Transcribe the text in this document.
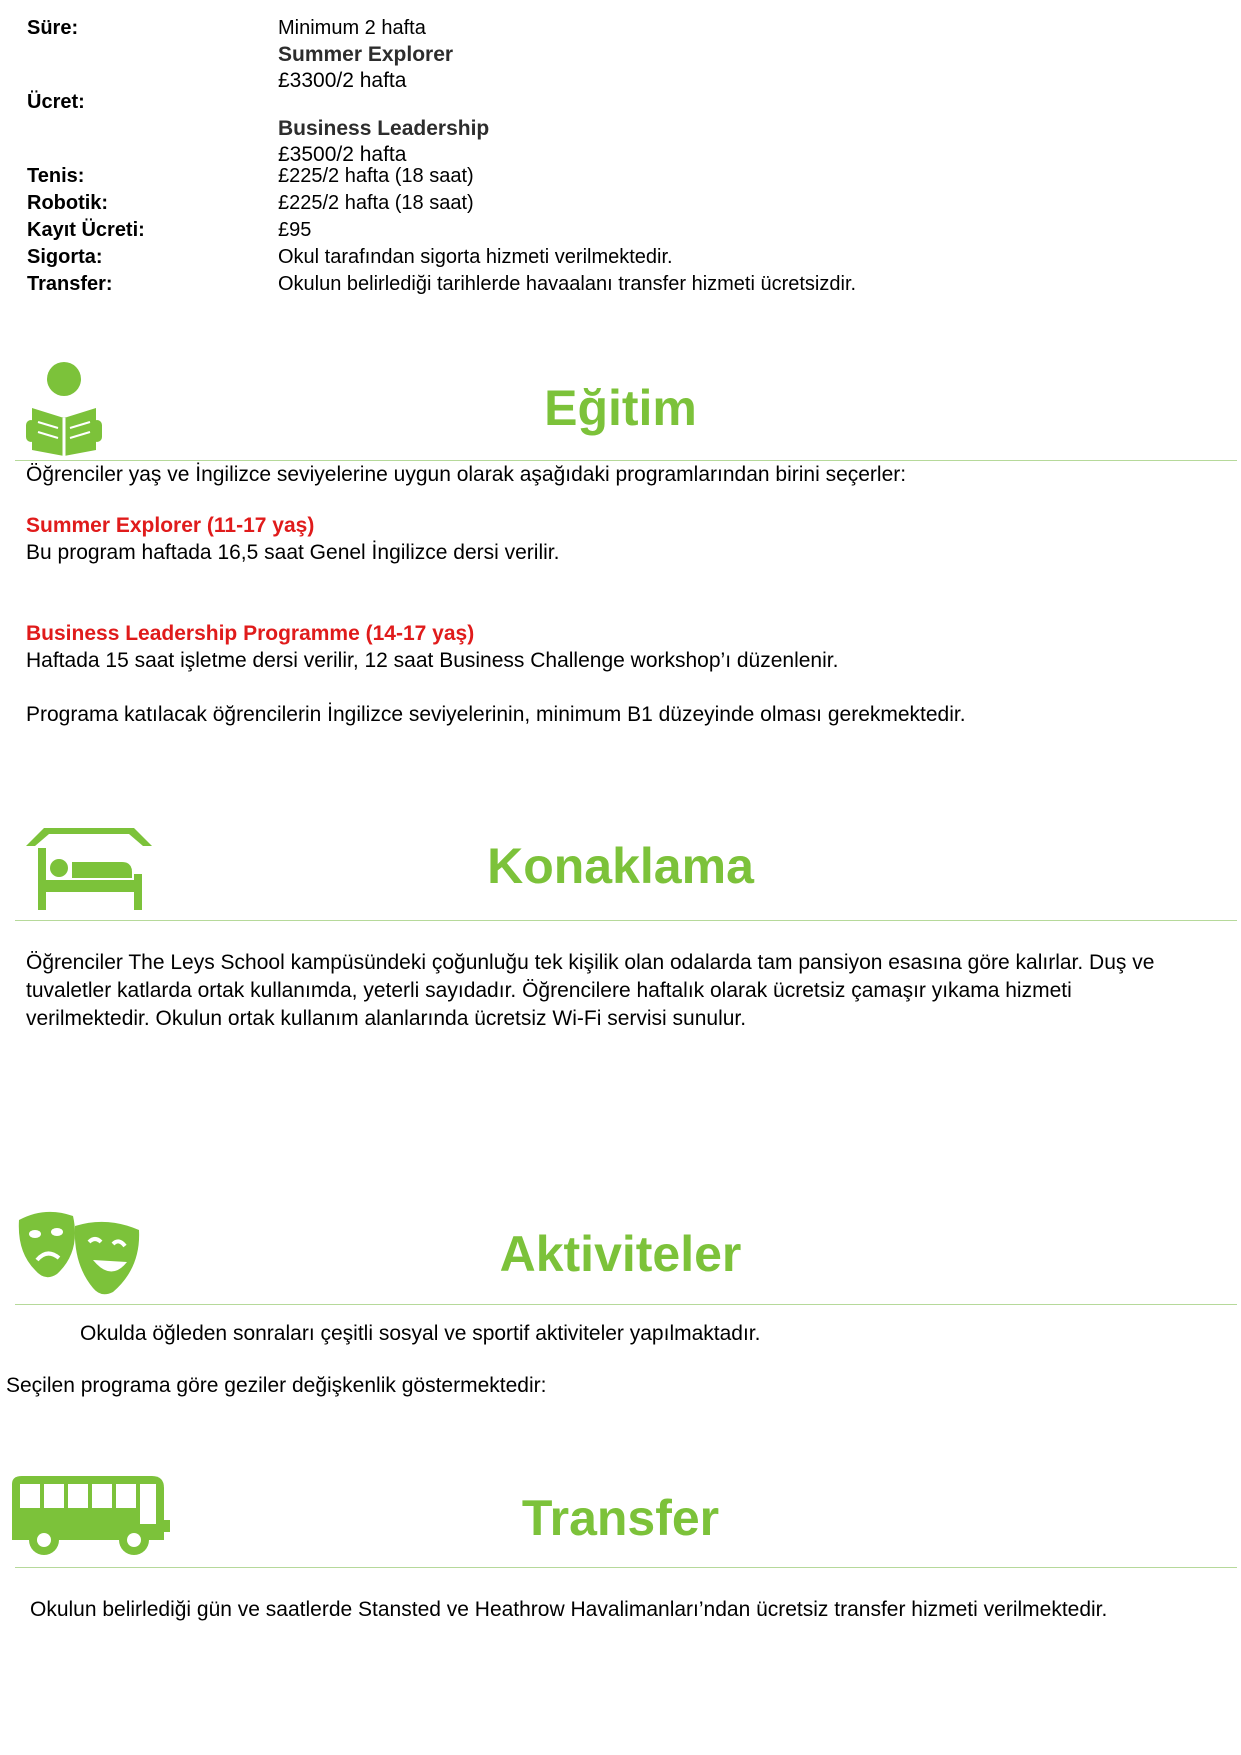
Süre:	Minimum 2 hafta
Ücret:
Summer Explorer
£3300/2 hafta
Business Leadership
£3500/2 hafta
Tenis:	£225/2 hafta (18 saat)
Robotik:	£225/2 hafta (18 saat)
Kayıt Ücreti:	£95
Sigorta:	Okul tarafından sigorta hizmeti verilmektedir.
Transfer:	Okulun belirlediği tarihlerde havaalanı transfer hizmeti ücretsizdir.
Eğitim
Öğrenciler yaş ve İngilizce seviyelerine uygun olarak aşağıdaki programlarından birini seçerler:
Summer Explorer (11-17 yaş)
Bu program haftada 16,5 saat Genel İngilizce dersi verilir.
Business Leadership Programme (14-17 yaş)
Haftada 15 saat işletme dersi verilir, 12 saat Business Challenge workshop’ı düzenlenir.
Programa katılacak öğrencilerin İngilizce seviyelerinin, minimum B1 düzeyinde olması gerekmektedir.
Konaklama
Öğrenciler The Leys School kampüsündeki çoğunluğu tek kişilik olan odalarda tam pansiyon esasına göre kalırlar. Duş ve tuvaletler katlarda ortak kullanımda, yeterli sayıdadır. Öğrencilere haftalık olarak ücretsiz çamaşır yıkama hizmeti verilmektedir. Okulun ortak kullanım alanlarında ücretsiz Wi-Fi servisi sunulur.
Aktiviteler
Okulda öğleden sonraları çeşitli sosyal ve sportif aktiviteler yapılmaktadır.
Seçilen programa göre geziler değişkenlik göstermektedir:
Transfer
Okulun belirlediği gün ve saatlerde Stansted ve Heathrow Havalimanları’ndan ücretsiz transfer hizmeti verilmektedir.
